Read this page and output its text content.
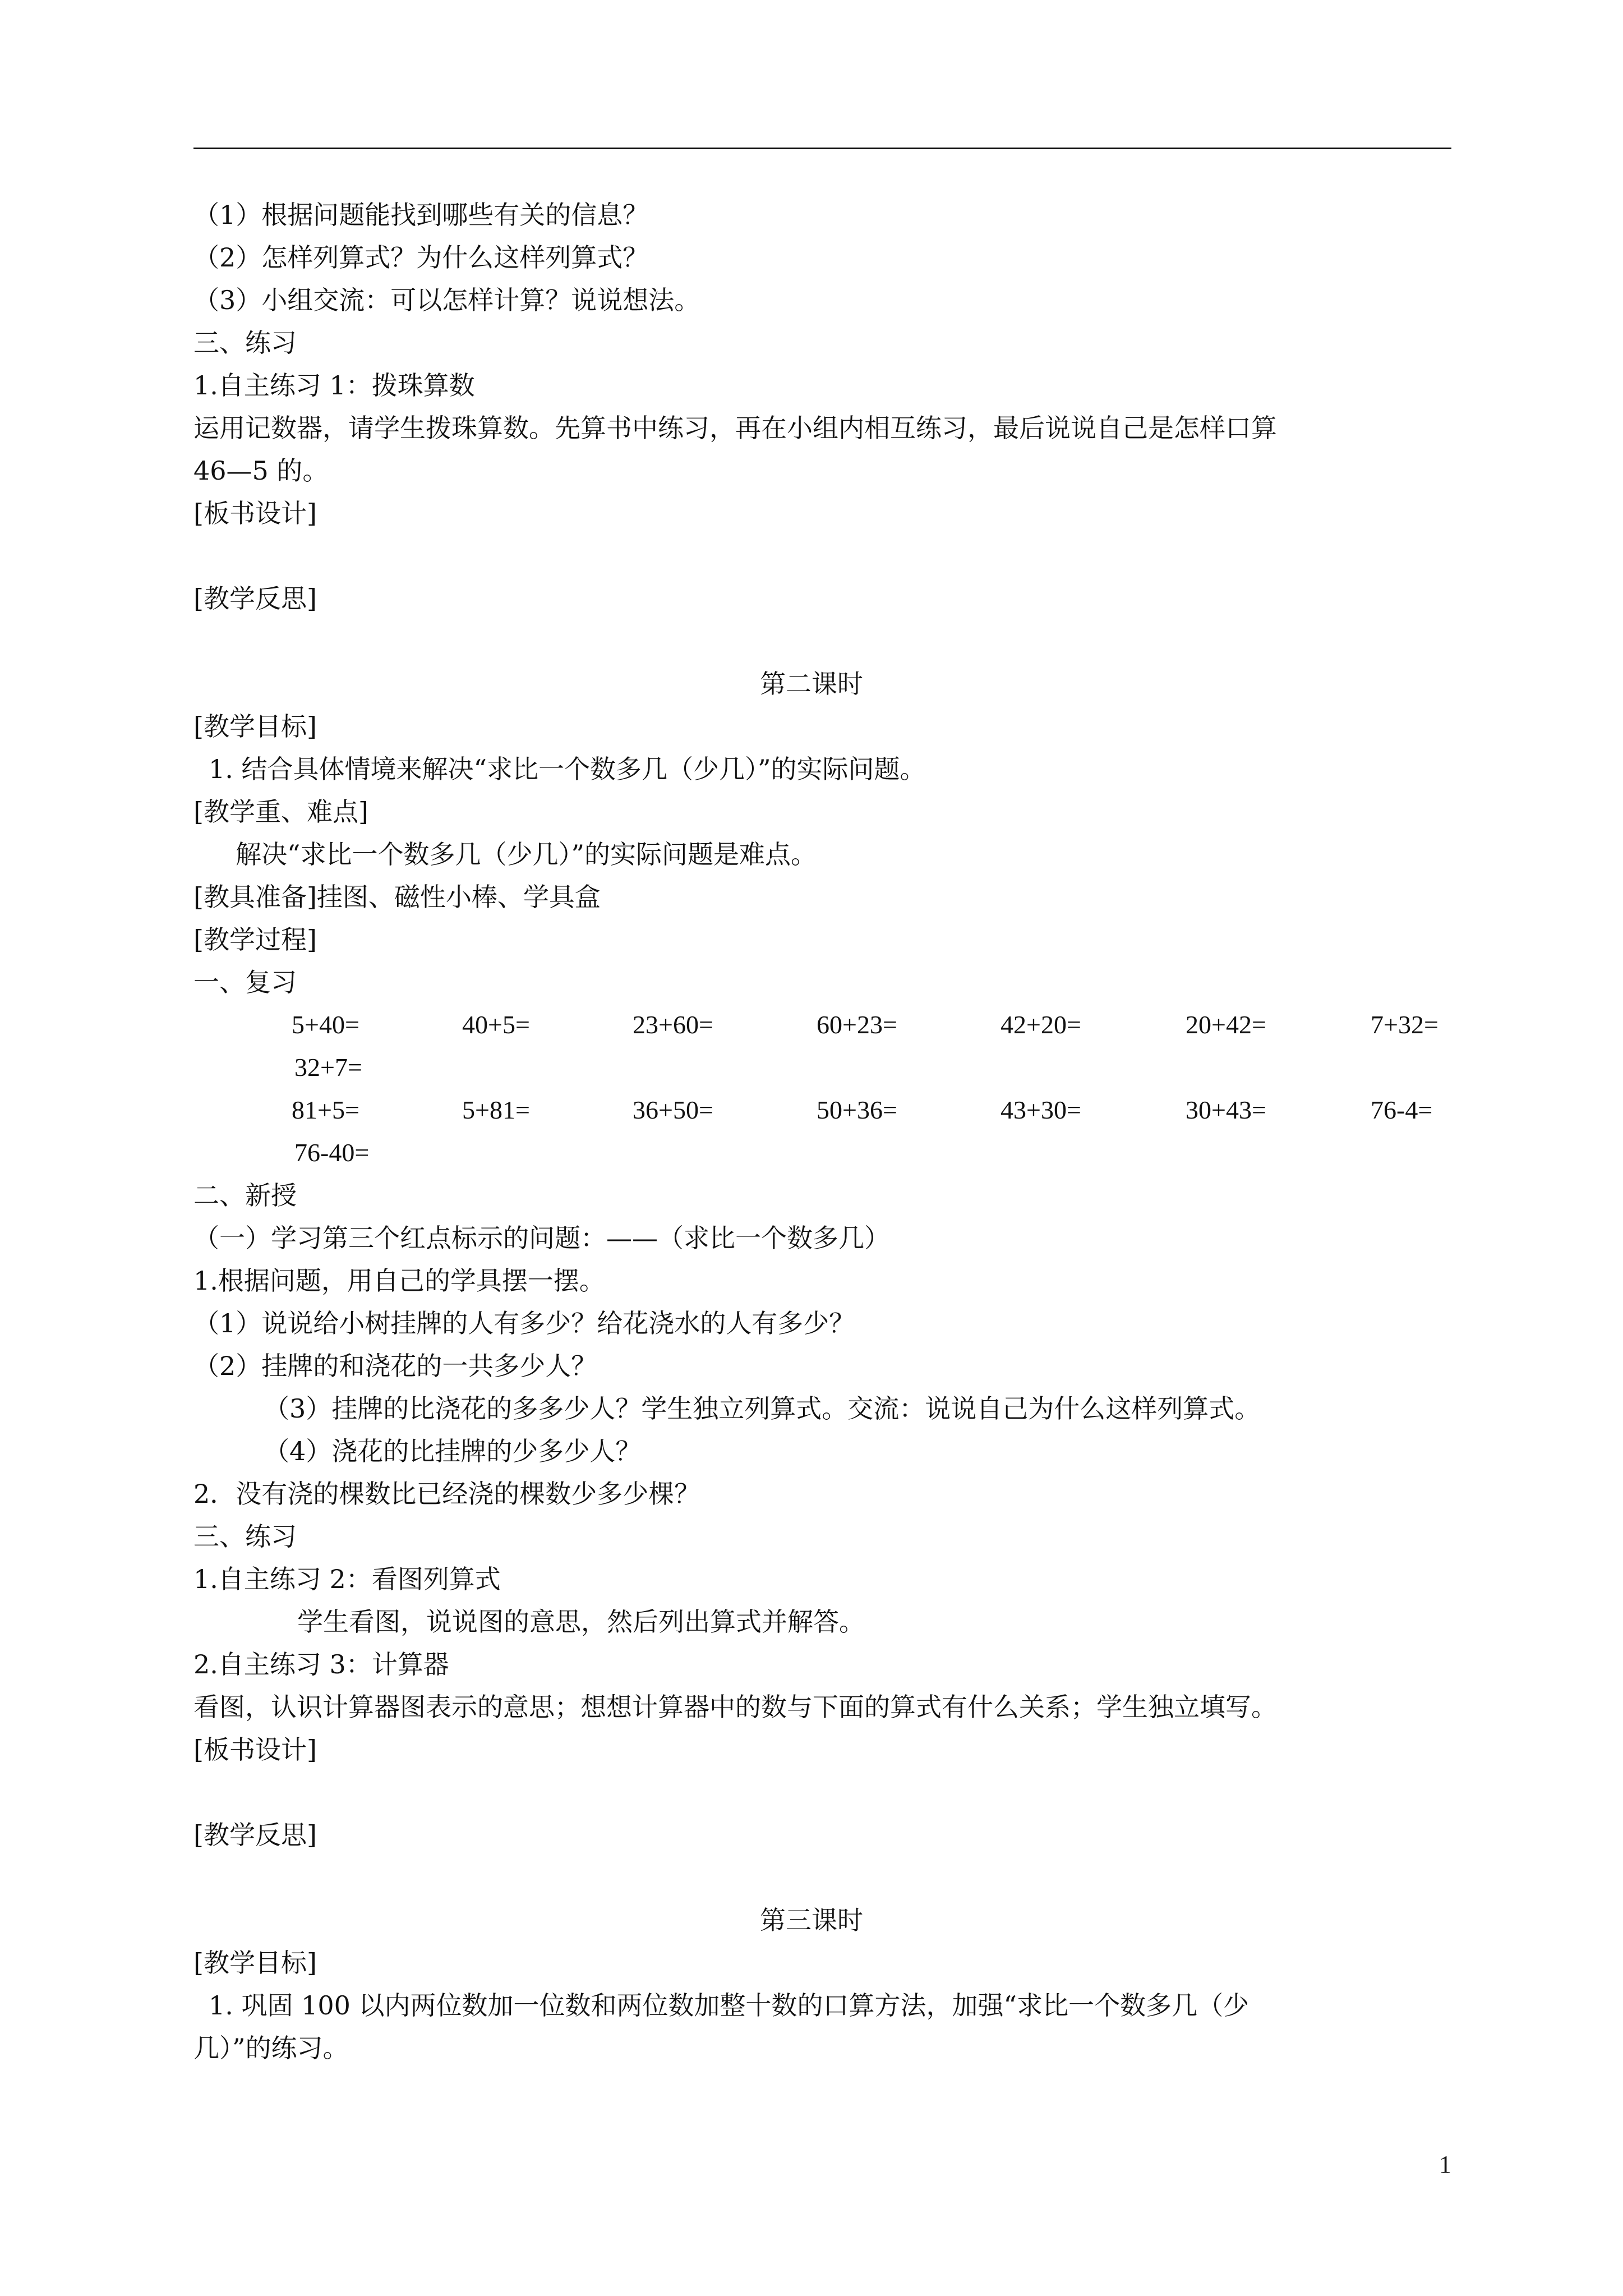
（1）根据问题能找到哪些有关的信息？

（2）怎样列算式？为什么这样列算式？

（3）小组交流：可以怎样计算？说说想法。

三、练习

1.自主练习 1：拨珠算数

运用记数器，请学生拨珠算数。先算书中练习，再在小组内相互练习，最后说说自己是怎样口算

46—5 的。

[板书设计]

[教学反思]

第二课时

[教学目标]

1. 结合具体情境来解决“求比一个数多几（少几）”的实际问题。

[教学重、难点]

解决“求比一个数多几（少几）”的实际问题是难点。

[教具准备]挂图、磁性小棒、学具盒

[教学过程]

一、复习

5+40=	40+5=	23+60=	60+23=	42+20=	20+42=	7+32=

32+7=

81+5=	5+81=	36+50=	50+36=	43+30=	30+43=	76-4=

76-40=

二、新授

（一）学习第三个红点标示的问题：——（求比一个数多几）

1.根据问题，用自己的学具摆一摆。

（1）说说给小树挂牌的人有多少？给花浇水的人有多少？

（2）挂牌的和浇花的一共多少人？

（3）挂牌的比浇花的多多少人？学生独立列算式。交流：说说自己为什么这样列算式。

（4）浇花的比挂牌的少多少人？

2．没有浇的棵数比已经浇的棵数少多少棵？

三、练习

1.自主练习 2：看图列算式

学生看图，说说图的意思，然后列出算式并解答。

2.自主练习 3：计算器

看图，认识计算器图表示的意思；想想计算器中的数与下面的算式有什么关系；学生独立填写。

[板书设计]

[教学反思]

第三课时

[教学目标]

1. 巩固 100 以内两位数加一位数和两位数加整十数的口算方法，加强“求比一个数多几（少

几）”的练习。

1
